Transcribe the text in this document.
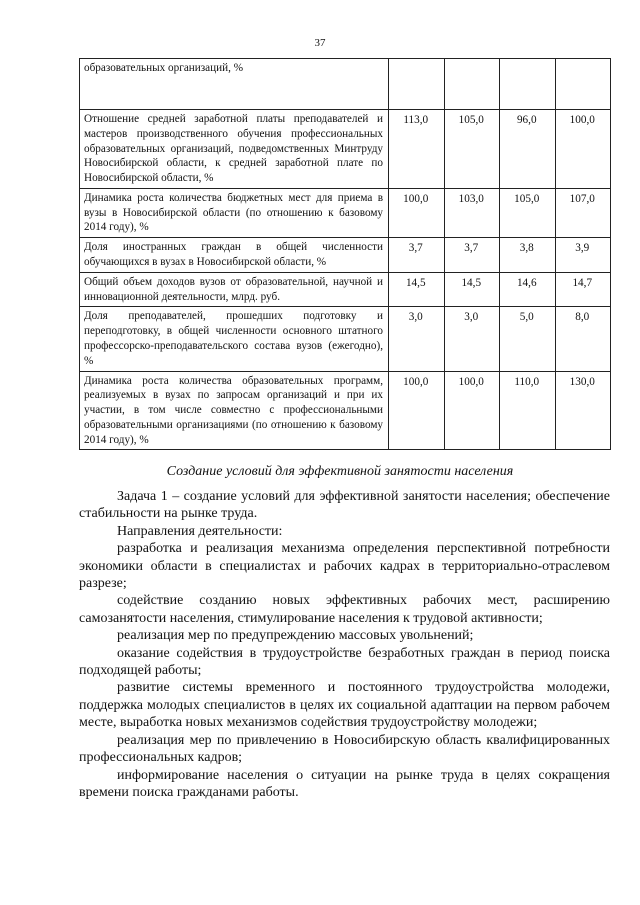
37
образовательных организаций, %				
Отношение средней заработной платы преподавателей и мастеров производственного обучения профессиональных образовательных организаций, подведомственных Минтруду Новосибирской области, к средней заработной плате по Новосибирской области, %	113,0	105,0	96,0	100,0
Динамика роста количества бюджетных мест для приема в вузы в Новосибирской области (по отношению к базовому 2014 году), %	100,0	103,0	105,0	107,0
Доля иностранных граждан в общей численности обучающихся в вузах в Новосибирской области, %	3,7	3,7	3,8	3,9
Общий объем доходов вузов от образовательной, научной и инновационной деятельности, млрд. руб.	14,5	14,5	14,6	14,7
Доля преподавателей, прошедших подготовку и переподготовку, в общей численности основного штатного профессорско-преподавательского состава вузов (ежегодно), %	3,0	3,0	5,0	8,0
Динамика роста количества образовательных программ, реализуемых в вузах по запросам организаций и при их участии, в том числе совместно с профессиональными образовательными организациями (по отношению к базовому 2014 году), %	100,0	100,0	110,0	130,0
Создание условий для эффективной занятости населения

Задача 1 – создание условий для эффективной занятости населения; обеспечение стабильности на рынке труда.

Направления деятельности:

разработка и реализация механизма определения перспективной потребности экономики области в специалистах и рабочих кадрах в территориально-отраслевом разрезе;

содействие созданию новых эффективных рабочих мест, расширению самозанятости населения, стимулирование населения к трудовой активности;

реализация мер по предупреждению массовых увольнений;

оказание содействия в трудоустройстве безработных граждан в период поиска подходящей работы;

развитие системы временного и постоянного трудоустройства молодежи, поддержка молодых специалистов в целях их социальной адаптации на первом рабочем месте, выработка новых механизмов содействия трудоустройству молодежи;

реализация мер по привлечению в Новосибирскую область квалифицированных профессиональных кадров;

информирование населения о ситуации на рынке труда в целях сокращения времени поиска гражданами работы.
